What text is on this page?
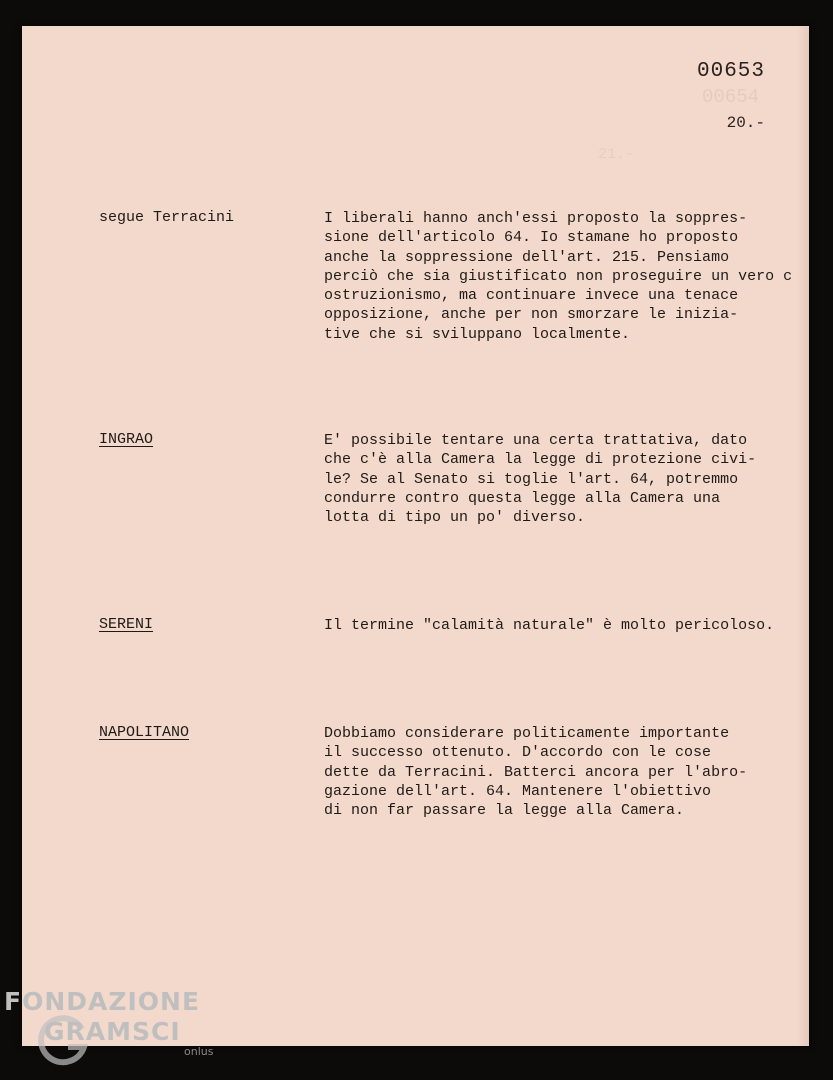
00654
21.-
00653
20.-
segue Terracini	I liberali hanno anch'essi proposto la soppres-
sione dell'articolo 64. Io stamane ho proposto
anche la soppressione dell'art. 215. Pensiamo
perciò che sia giustificato non proseguire un vero c
ostruzionismo, ma continuare invece una tenace
opposizione, anche per non smorzare le inizia-
tive che si sviluppano localmente.
INGRAO	E' possibile tentare una certa trattativa, dato
che c'è alla Camera la legge di protezione civi-
le? Se al Senato si toglie l'art. 64, potremmo
condurre contro questa legge alla Camera una
lotta di tipo un po' diverso.
SERENI	Il termine "calamità naturale" è molto pericoloso.
NAPOLITANO	Dobbiamo considerare politicamente importante
il successo ottenuto. D'accordo con le cose
dette da Terracini. Batterci ancora per l'abro-
gazione dell'art. 64. Mantenere l'obiettivo
di non far passare la legge alla Camera.
FONDAZIONE
GRAMSCI
onlus
